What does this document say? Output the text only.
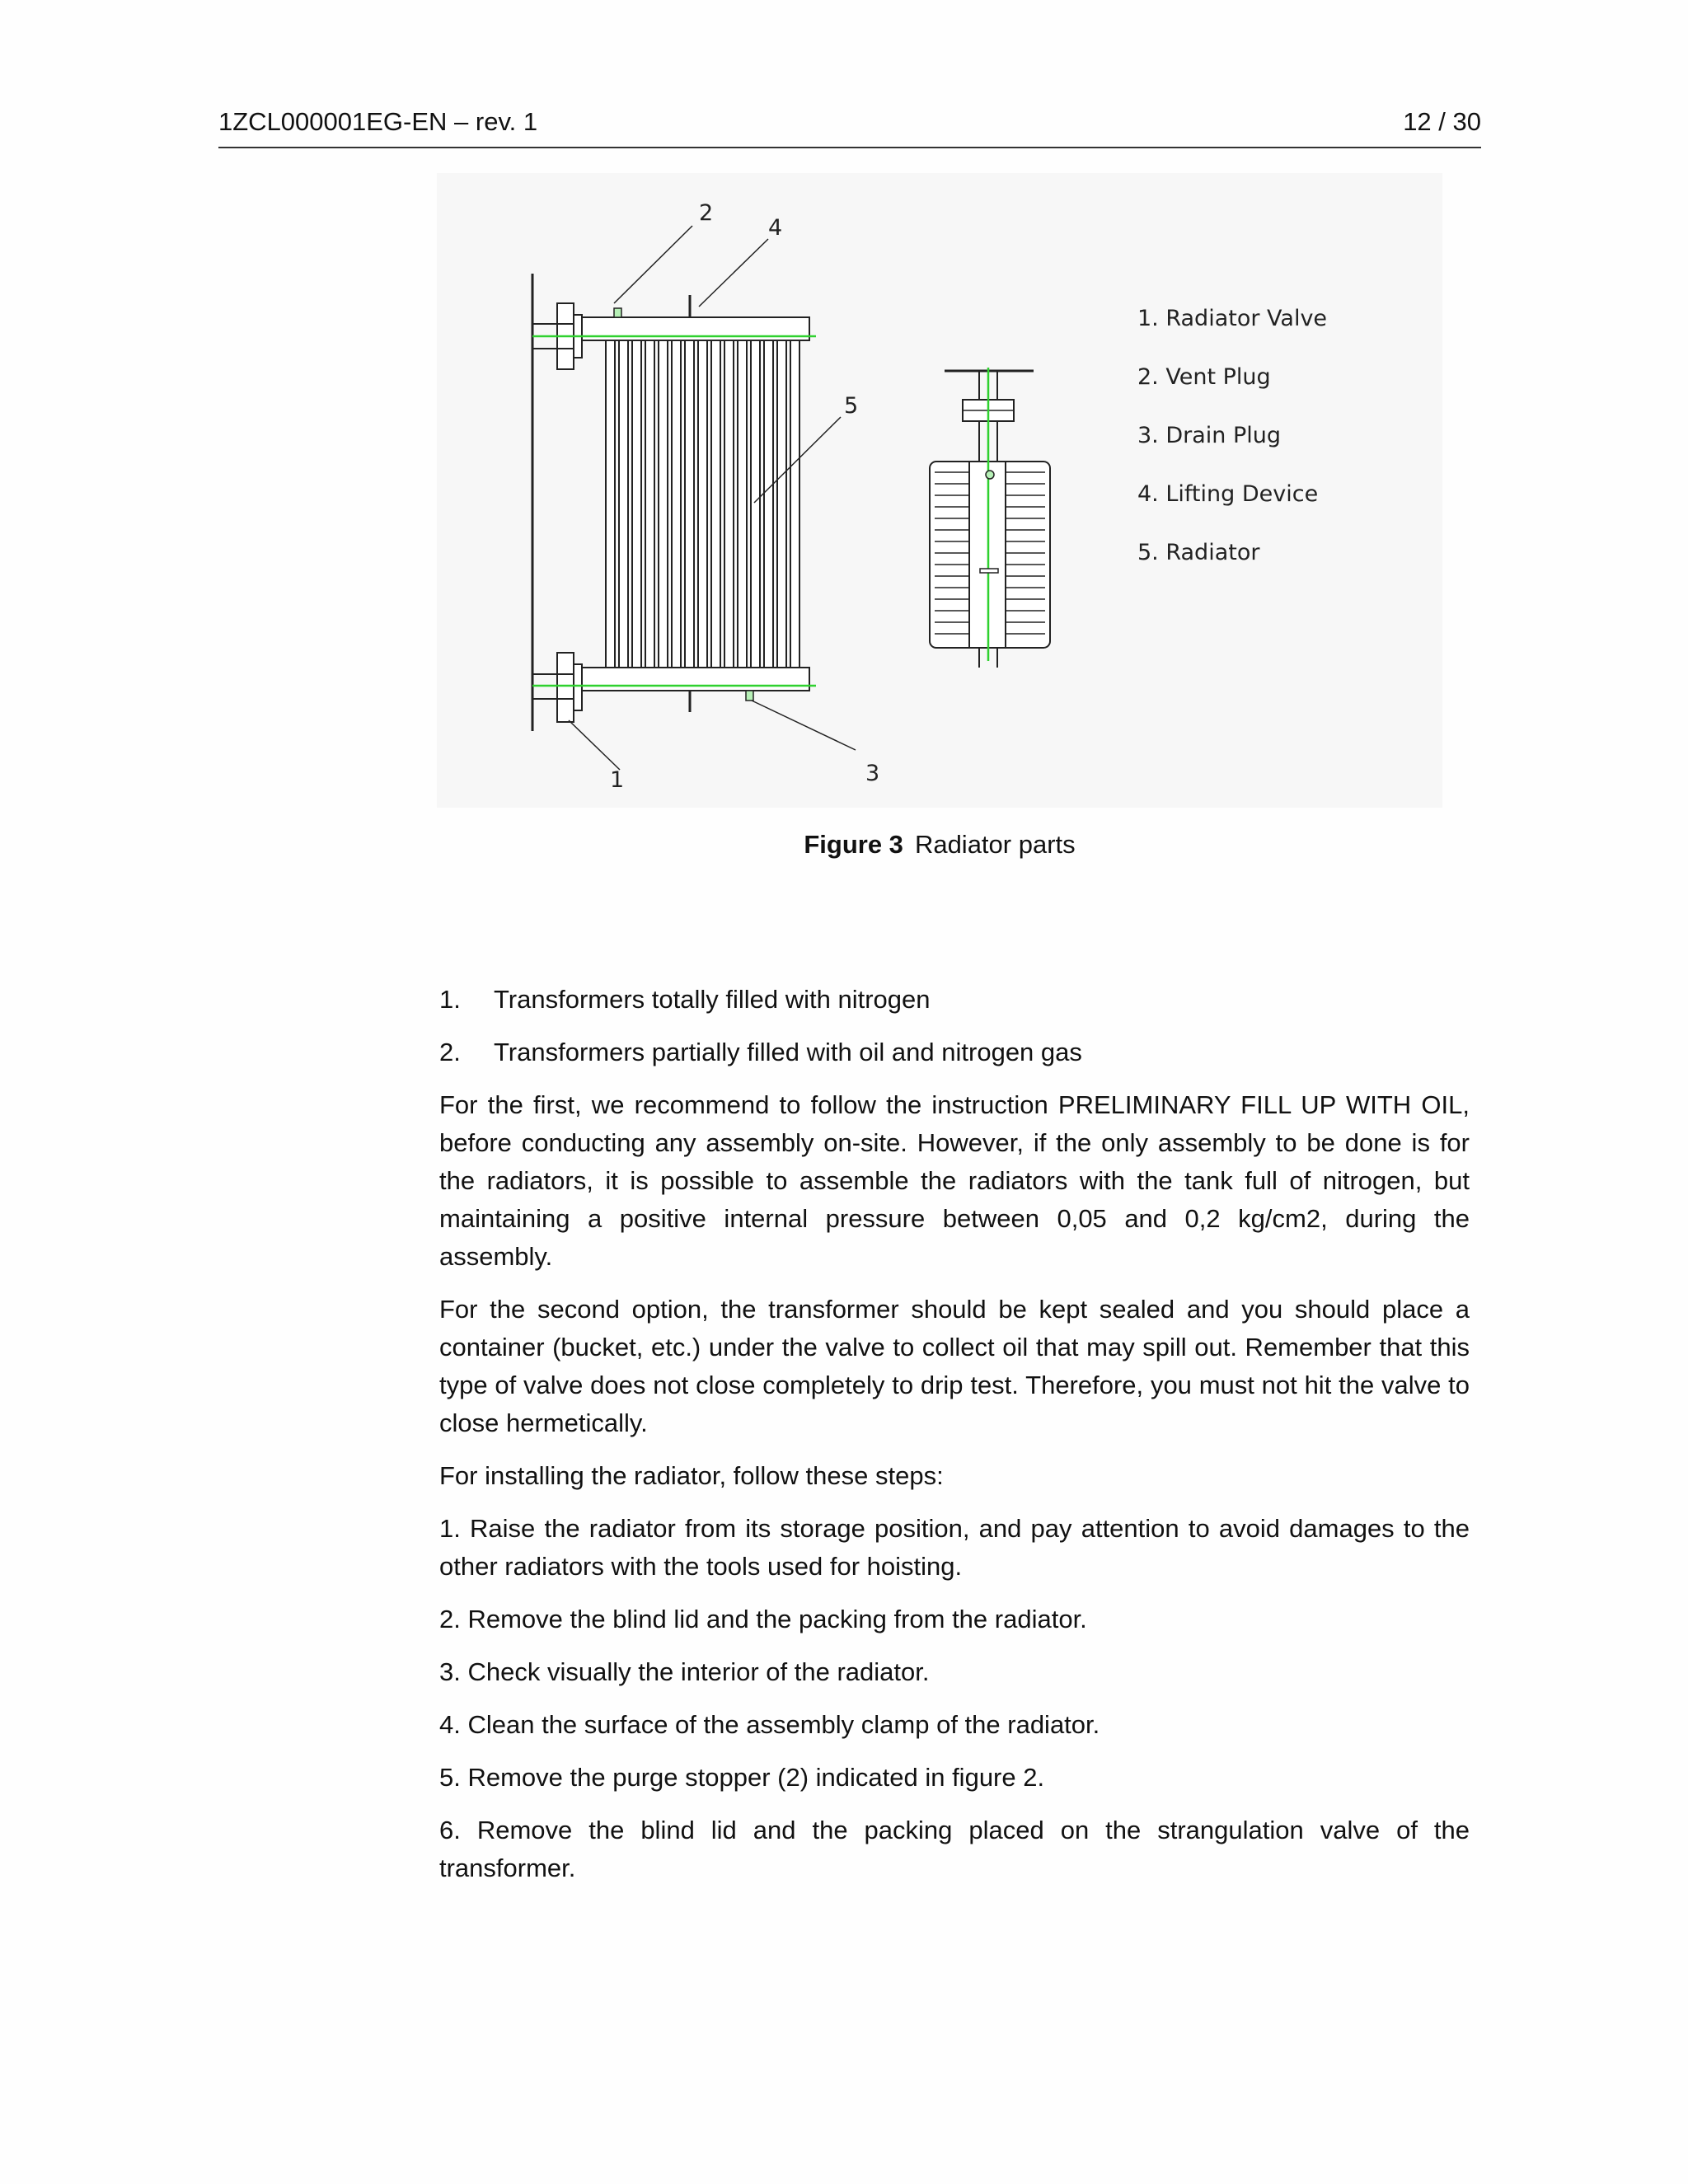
1ZCL000001EG-EN – rev. 1	12 / 30
2
4
5
1	3
1. Radiator Valve
2. Vent Plug
3. Drain Plug
4. Lifting Device
5. Radiator
Figure 3 Radiator parts
1.	Transformers totally filled with nitrogen
2.	Transformers partially filled with oil and nitrogen gas

For the first, we recommend to follow the instruction PRELIMINARY FILL UP WITH OIL, before conducting any assembly on-site. However, if the only assembly to be done is for the radiators, it is possible to assemble the radiators with the tank full of nitrogen, but maintaining a positive internal pressure between 0,05 and 0,2 kg/cm2, during the assembly.

For the second option, the transformer should be kept sealed and you should place a container (bucket, etc.) under the valve to collect oil that may spill out. Remember that this type of valve does not close completely to drip test. Therefore, you must not hit the valve to close hermetically.

For installing the radiator, follow these steps:

1. Raise the radiator from its storage position, and pay attention to avoid damages to the other radiators with the tools used for hoisting.

2. Remove the blind lid and the packing from the radiator.

3. Check visually the interior of the radiator.

4. Clean the surface of the assembly clamp of the radiator.

5. Remove the purge stopper (2) indicated in figure 2.

6. Remove the blind lid and the packing placed on the strangulation valve of the transformer.
